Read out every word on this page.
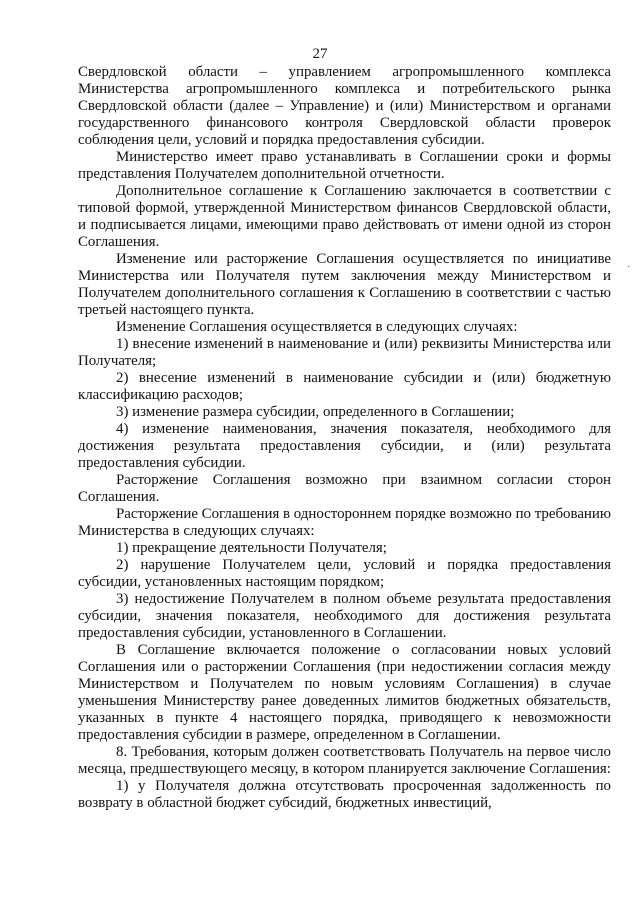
27

Свердловской области – управлением агропромышленного комплекса Министерства агропромышленного комплекса и потребительского рынка Свердловской области (далее – Управление) и (или) Министерством и органами государственного финансового контроля Свердловской области проверок соблюдения цели, условий и порядка предоставления субсидии.

Министерство имеет право устанавливать в Соглашении сроки и формы представления Получателем дополнительной отчетности.

Дополнительное соглашение к Соглашению заключается в соответствии с типовой формой, утвержденной Министерством финансов Свердловской области, и подписывается лицами, имеющими право действовать от имени одной из сторон Соглашения.

Изменение или расторжение Соглашения осуществляется по инициативе Министерства или Получателя путем заключения между Министерством и Получателем дополнительного соглашения к Соглашению в соответствии с частью третьей настоящего пункта.

Изменение Соглашения осуществляется в следующих случаях:

1) внесение изменений в наименование и (или) реквизиты Министерства или Получателя;

2) внесение изменений в наименование субсидии и (или) бюджетную классификацию расходов;

3) изменение размера субсидии, определенного в Соглашении;

4) изменение наименования, значения показателя, необходимого для достижения результата предоставления субсидии, и (или) результата предоставления субсидии.

Расторжение Соглашения возможно при взаимном согласии сторон Соглашения.

Расторжение Соглашения в одностороннем порядке возможно по требованию Министерства в следующих случаях:

1) прекращение деятельности Получателя;

2) нарушение Получателем цели, условий и порядка предоставления субсидии, установленных настоящим порядком;

3) недостижение Получателем в полном объеме результата предоставления субсидии, значения показателя, необходимого для достижения результата предоставления субсидии, установленного в Соглашении.

В Соглашение включается положение о согласовании новых условий Соглашения или о расторжении Соглашения (при недостижении согласия между Министерством и Получателем по новым условиям Соглашения) в случае уменьшения Министерству ранее доведенных лимитов бюджетных обязательств, указанных в пункте 4 настоящего порядка, приводящего к невозможности предоставления субсидии в размере, определенном в Соглашении.

8. Требования, которым должен соответствовать Получатель на первое число месяца, предшествующего месяцу, в котором планируется заключение Соглашения:

1) у Получателя должна отсутствовать просроченная задолженность по возврату в областной бюджет субсидий, бюджетных инвестиций,

·
